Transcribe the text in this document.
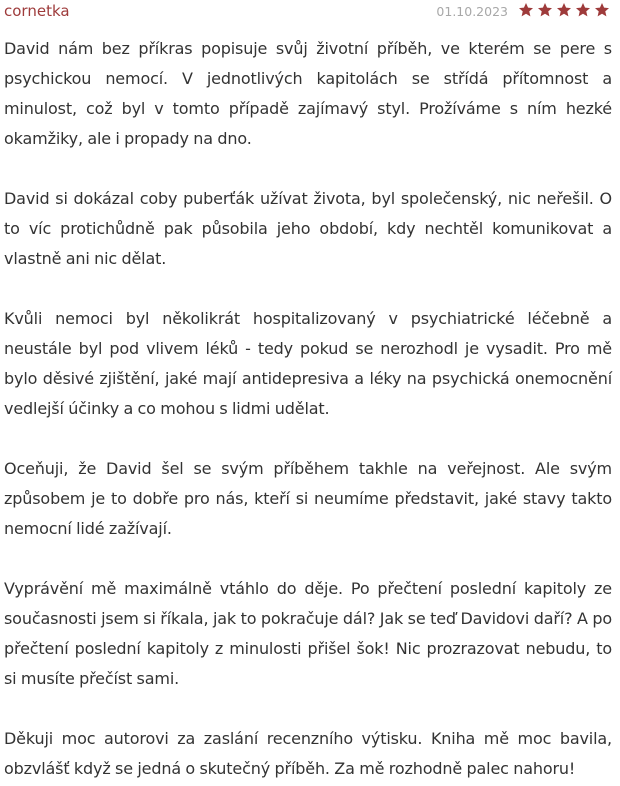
cornetka	01.10.2023

David nám bez příkras popisuje svůj životní příběh, ve kterém se pere s psychickou nemocí. V jednotlivých kapitolách se střídá přítomnost a minulost, což byl v tomto případě zajímavý styl. Prožíváme s ním hezké okamžiky, ale i propady na dno.

David si dokázal coby puberťák užívat života, byl společenský, nic neřešil. O to víc protichůdně pak působila jeho období, kdy nechtěl komunikovat a vlastně ani nic dělat.

Kvůli nemoci byl několikrát hospitalizovaný v psychiatrické léčebně a neustále byl pod vlivem léků - tedy pokud se nerozhodl je vysadit. Pro mě bylo děsivé zjištění, jaké mají antidepresiva a léky na psychická onemocnění vedlejší účinky a co mohou s lidmi udělat.

Oceňuji, že David šel se svým příběhem takhle na veřejnost. Ale svým způsobem je to dobře pro nás, kteří si neumíme představit, jaké stavy takto nemocní lidé zažívají.

Vyprávění mě maximálně vtáhlo do děje. Po přečtení poslední kapitoly ze současnosti jsem si říkala, jak to pokračuje dál? Jak se teď Davidovi daří? A po přečtení poslední kapitoly z minulosti přišel šok! Nic prozrazovat nebudu, to si musíte přečíst sami.

Děkuji moc autorovi za zaslání recenzního výtisku. Kniha mě moc bavila, obzvlášť když se jedná o skutečný příběh. Za mě rozhodně palec nahoru!
